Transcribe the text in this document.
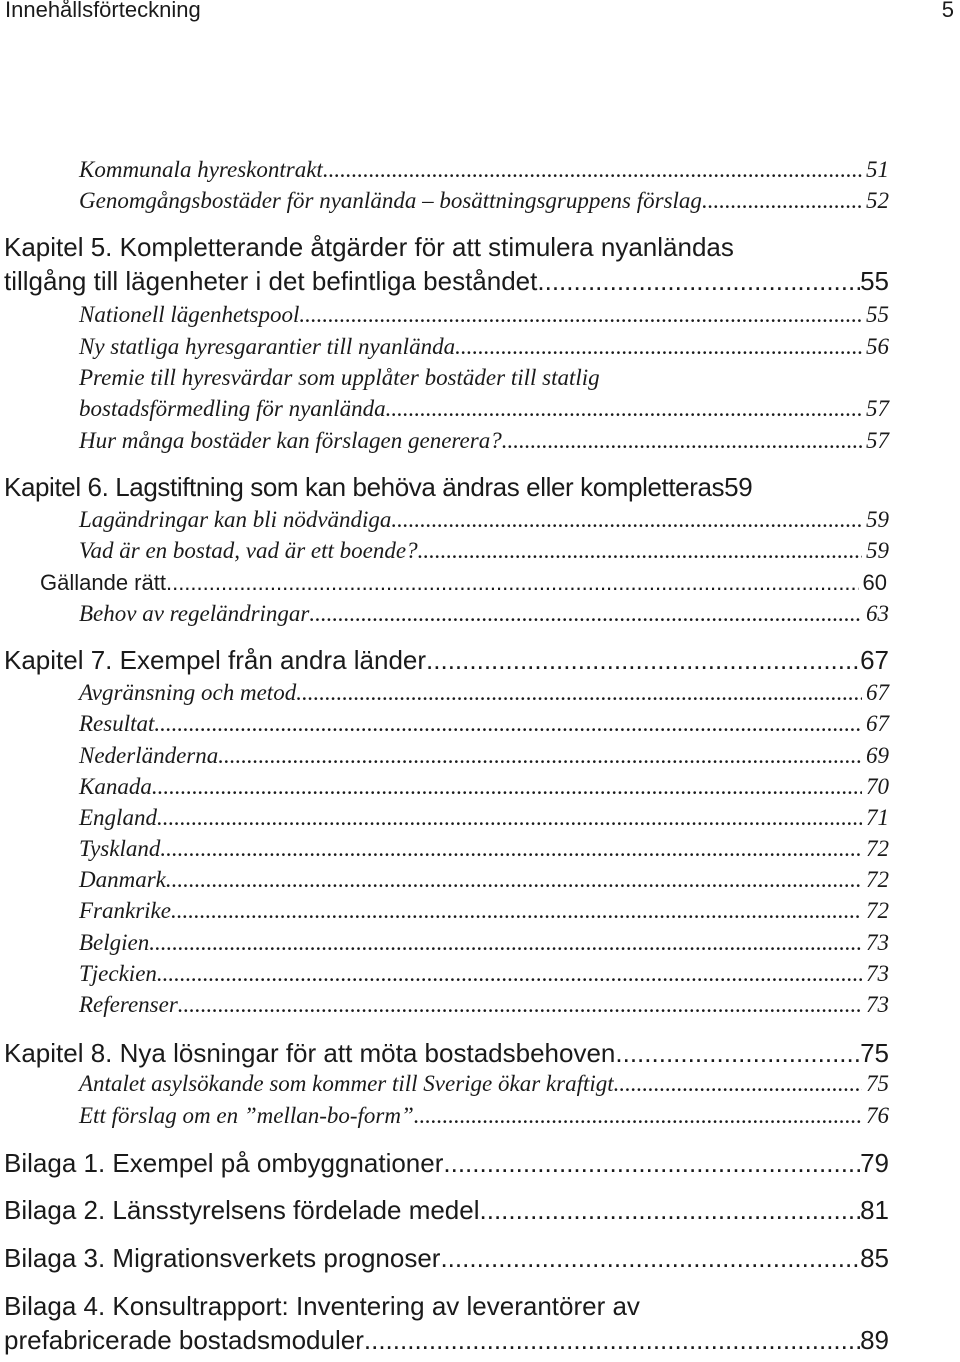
Innehållsförteckning	5
Kommunala hyreskontrakt. .....	51
Genomgångsbostäder för nyanlända – bosättningsgruppens förslag .....	52
Kapitel 5. Kompletterande åtgärder för att stimulera nyanländas
tillgång till lägenheter i det befintliga beståndet .....	55
Nationell lägenhetspool .....	55
Ny statliga hyresgarantier till nyanlända .....	56
Premie till hyresvärdar som upplåter bostäder till statlig
bostadsförmedling för nyanlända .....	57
Hur många bostäder kan förslagen generera? .....	57
Kapitel 6. Lagstiftning som kan behöva ändras eller kompletteras 59
Lagändringar kan bli nödvändiga .....	59
Vad är en bostad, vad är ett boende? .....	59
Gällande rätt .....	60
Behov av regeländringar .....	63
Kapitel 7. Exempel från andra länder .....	67
Avgränsning och metod .....	67
Resultat .....	67
Nederländerna .....	69
Kanada .....	70
England .....	71
Tyskland .....	72
Danmark .....	72
Frankrike .....	72
Belgien .....	73
Tjeckien .....	73
Referenser .....	73
Kapitel 8. Nya lösningar för att möta bostadsbehoven .....	75
Antalet asylsökande som kommer till Sverige ökar kraftigt .....	75
Ett förslag om en ”mellan-bo-form” .....	76
Bilaga 1. Exempel på ombyggnationer .....	79
Bilaga 2. Länsstyrelsens fördelade medel .....	81
Bilaga 3. Migrationsverkets prognoser .....	85
Bilaga 4. Konsultrapport: Inventering av leverantörer av
prefabricerade bostadsmoduler .....	89
